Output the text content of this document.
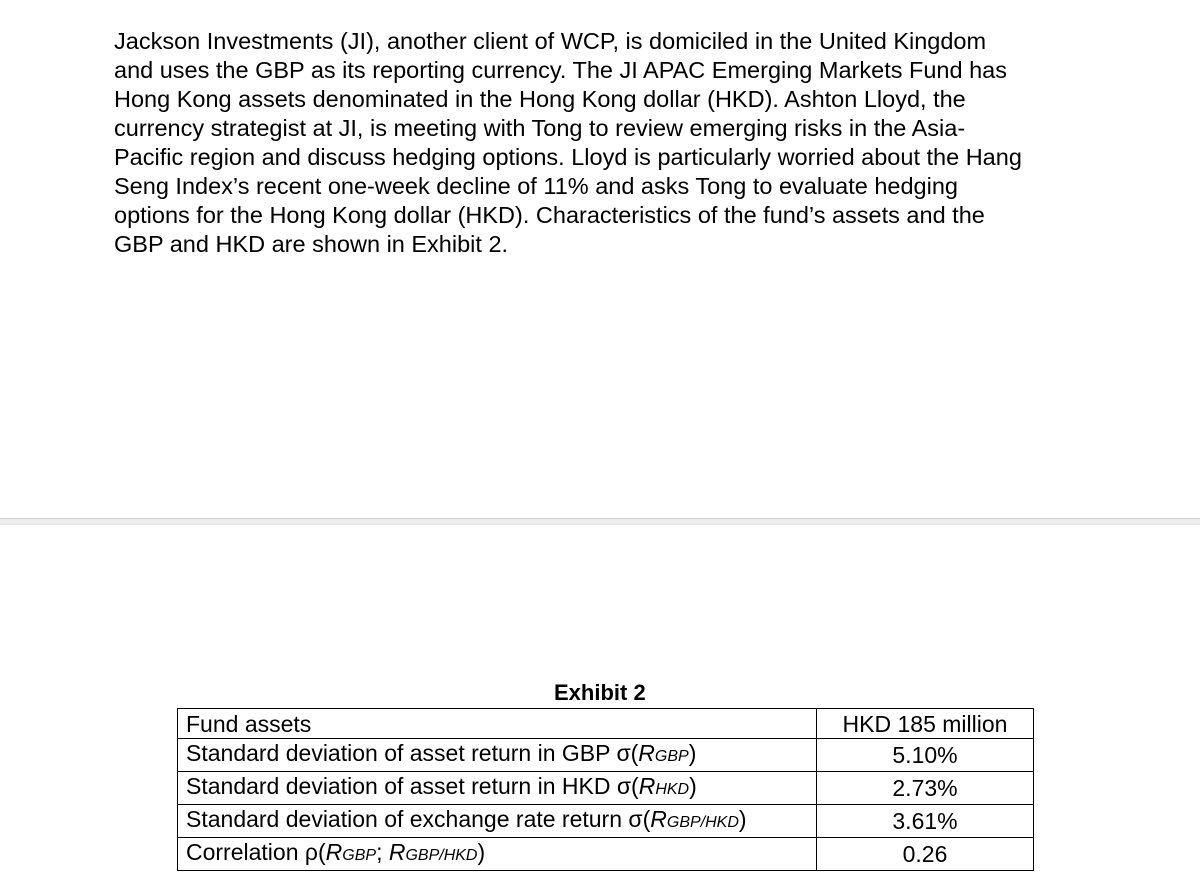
Jackson Investments (JI), another client of WCP, is domiciled in the United Kingdom
and uses the GBP as its reporting currency. The JI APAC Emerging Markets Fund has
Hong Kong assets denominated in the Hong Kong dollar (HKD). Ashton Lloyd, the
currency strategist at JI, is meeting with Tong to review emerging risks in the Asia-
Pacific region and discuss hedging options. Lloyd is particularly worried about the Hang
Seng Index’s recent one-week decline of 11% and asks Tong to evaluate hedging
options for the Hong Kong dollar (HKD). Characteristics of the fund’s assets and the
GBP and HKD are shown in Exhibit 2.

Exhibit 2

Fund assets	HKD 185 million
Standard deviation of asset return in GBP σ(RGBP)	5.10%
Standard deviation of asset return in HKD σ(RHKD)	2.73%
Standard deviation of exchange rate return σ(RGBP/HKD)	3.61%
Correlation ρ(RGBP; RGBP/HKD)	0.26
